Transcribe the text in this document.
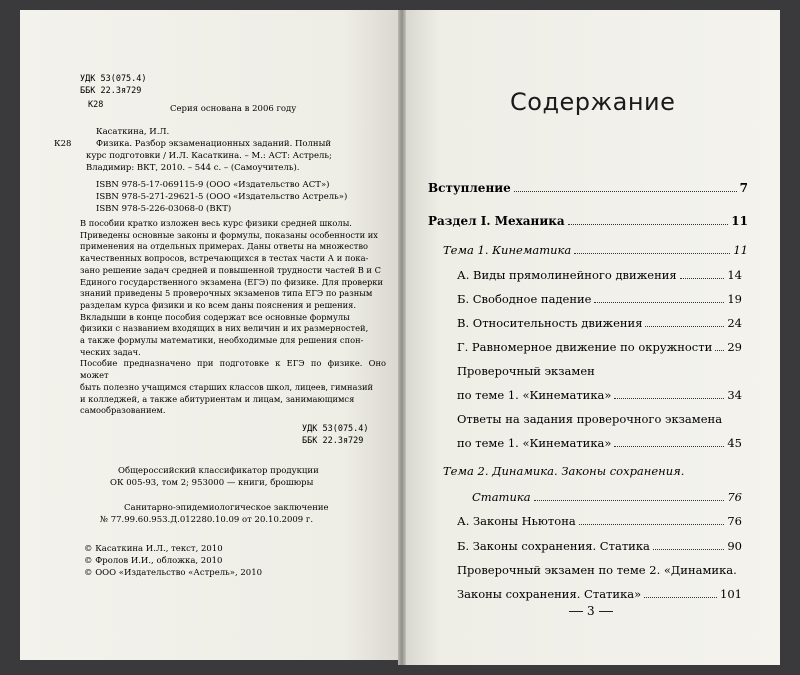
УДК 53(075.4)
ББК 22.3я729
К28	Серия основана в 2006 году
Касаткина, И.Л.
К28	Физика. Разбор экзаменационных заданий. Полный
курс подготовки / И.Л. Касаткина. – М.: АСТ: Астрель;
Владимир: ВКТ, 2010. – 544 с. – (Самоучитель).
ISBN 978-5-17-069115-9 (ООО «Издательство АСТ»)
ISBN 978-5-271-29621-5 (ООО «Издательство Астрель»)
ISBN 978-5-226-03068-0 (ВКТ)

В пособии кратко изложен весь курс физики средней школы.

Приведены основные законы и формулы, показаны особенности их

применения на отдельных примерах. Даны ответы на множество

качественных вопросов, встречающихся в тестах части А и пока-

зано решение задач средней и повышенной трудности частей В и С

Единого государственного экзамена (ЕГЭ) по физике. Для проверки

знаний приведены 5 проверочных экзаменов типа ЕГЭ по разным

разделам курса физики и ко всем даны пояснения и решения.

Вкладыши в конце пособия содержат все основные формулы

физики с названием входящих в них величин и их размерностей,

а также формулы математики, необходимые для решения спон-

ческих задач.

Пособие предназначено при подготовке к ЕГЭ по физике. Оно может

быть полезно учащимся старших классов школ, лицеев, гимназий

и колледжей, а также абитуриентам и лицам, занимающимся

самообразованием.

УДК 53(075.4)
ББК 22.3я729
Общероссийский классификатор продукции
ОК 005-93, том 2; 953000 — книги, брошюры
Санитарно-эпидемиологическое заключение
№ 77.99.60.953.Д.012280.10.09 от 20.10.2009 г.
© Касаткина И.Л., текст, 2010
© Фролов И.И., обложка, 2010
© ООО «Издательство «Астрель», 2010
Содержание
Вступление	7
Раздел I. Механика	11
Тема 1. Кинематика	11
А. Виды прямолинейного движения	14
Б. Свободное падение	19
В. Относительность движения	24
Г. Равномерное движение по окружности 29
Проверочный экзамен
по теме 1. «Кинематика»	34
Ответы на задания проверочного экзамена
по теме 1. «Кинематика»	45
Тема 2. Динамика. Законы сохранения.
Статика	76
А. Законы Ньютона	76
Б. Законы сохранения. Статика	90
Проверочный экзамен по теме 2. «Динамика.
Законы сохранения. Статика»	101
3
